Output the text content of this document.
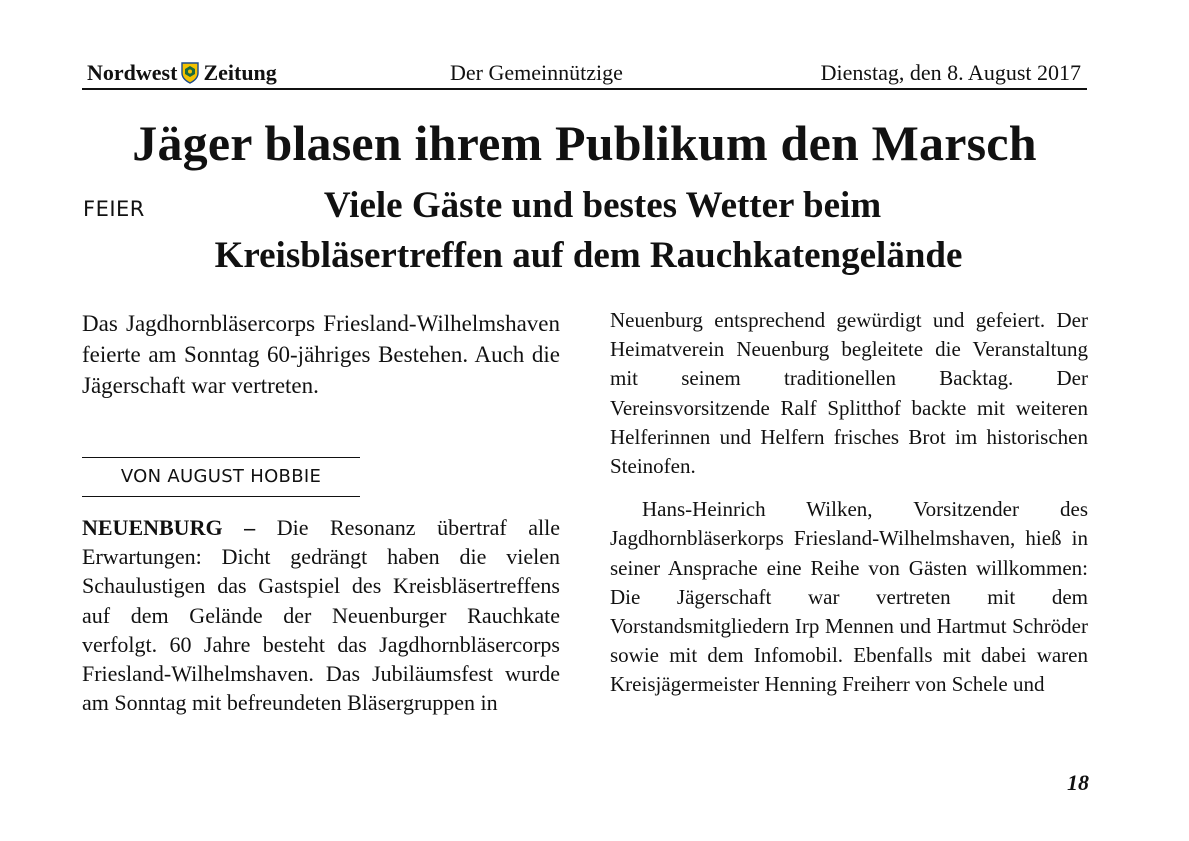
Nordwest Zeitung	Der Gemeinnützige	Dienstag, den 8. August 2017
Jäger blasen ihrem Publikum den Marsch
FEIER	Viele Gäste und bestes Wetter beim
Kreisbläsertreffen auf dem Rauchkatengelände

Das Jagdhornbläsercorps Friesland-Wilhelmshaven feierte am Sonntag 60-jähriges Bestehen. Auch die Jägerschaft war vertreten.

VON AUGUST HOBBIE
NEUENBURG – Die Resonanz übertraf alle Erwartungen: Dicht gedrängt haben die vielen Schaulustigen das Gastspiel des Kreisbläsertreffens auf dem Gelände der Neuenburger Rauchkate verfolgt. 60 Jahre besteht das Jagdhornbläsercorps Friesland-Wilhelmshaven. Das Jubiläumsfest wurde am Sonntag mit befreundeten Bläsergruppen in

Neuenburg entsprechend gewürdigt und gefeiert. Der Heimatverein Neuenburg begleitete die Veranstaltung mit seinem traditionellen Backtag. Der Vereinsvorsitzende Ralf Splitthof backte mit weiteren Helferinnen und Helfern frisches Brot im historischen Steinofen.

Hans-Heinrich Wilken, Vorsitzender des Jagdhornbläserkorps Friesland-Wilhelmshaven, hieß in seiner Ansprache eine Reihe von Gästen willkommen: Die Jägerschaft war vertreten mit dem Vorstandsmitgliedern Irp Mennen und Hartmut Schröder sowie mit dem Infomobil. Ebenfalls mit dabei waren Kreisjägermeister Henning Freiherr von Schele und

18
